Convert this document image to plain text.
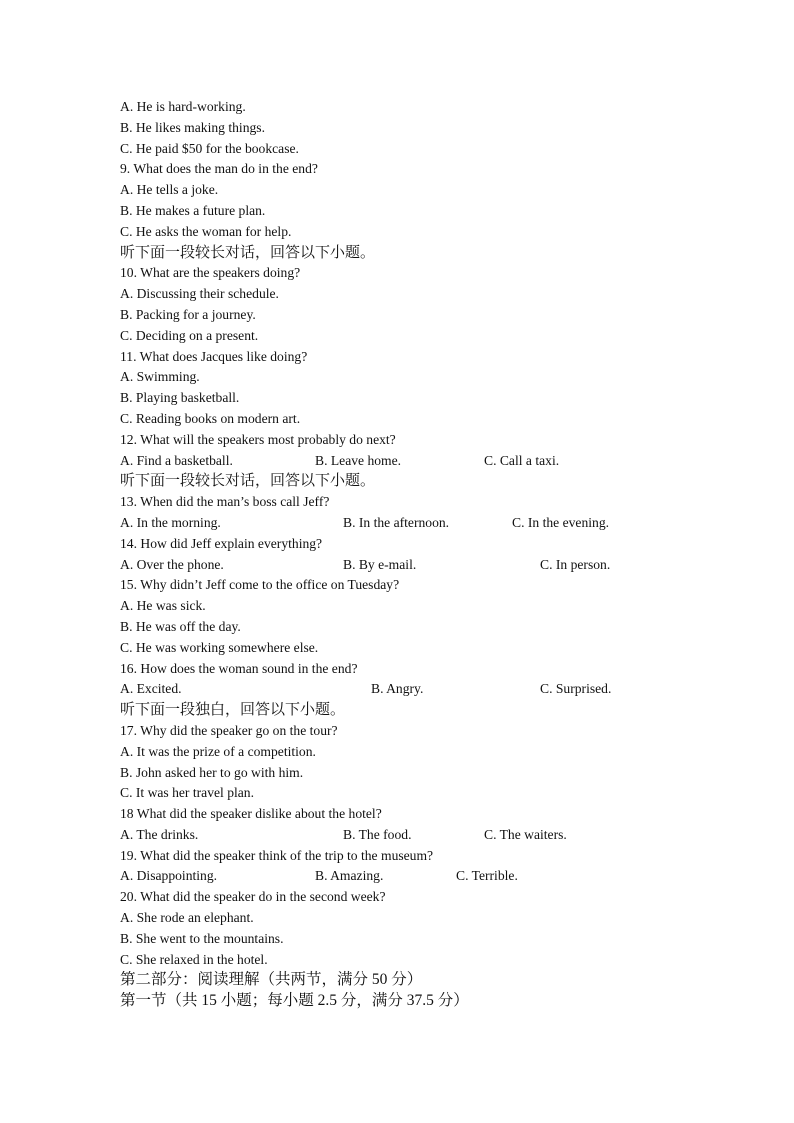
A. He is hard-working.
B. He likes making things.
C. He paid $50 for the bookcase.
9. What does the man do in the end?
A. He tells a joke.
B. He makes a future plan.
C. He asks the woman for help.
听下面一段较长对话，回答以下小题。
10. What are the speakers doing?
A. Discussing their schedule.
B. Packing for a journey.
C. Deciding on a present.
11. What does Jacques like doing?
A. Swimming.
B. Playing basketball.
C. Reading books on modern art.
12. What will the speakers most probably do next?
A. Find a basketball.	B. Leave home.	C. Call a taxi.
听下面一段较长对话，回答以下小题。
13. When did the man’s boss call Jeff?
A. In the morning.	B. In the afternoon.	C. In the evening.
14. How did Jeff explain everything?
A. Over the phone.	B. By e-mail.	C. In person.
15. Why didn’t Jeff come to the office on Tuesday?
A. He was sick.
B. He was off the day.
C. He was working somewhere else.
16. How does the woman sound in the end?
A. Excited.	B. Angry.	C. Surprised.
听下面一段独白，回答以下小题。
17. Why did the speaker go on the tour?
A. It was the prize of a competition.
B. John asked her to go with him.
C. It was her travel plan.
18 What did the speaker dislike about the hotel?
A. The drinks.	B. The food.	C. The waiters.
19. What did the speaker think of the trip to the museum?
A. Disappointing.	B. Amazing.	C. Terrible.
20. What did the speaker do in the second week?
A. She rode an elephant.
B. She went to the mountains.
C. She relaxed in the hotel.
第二部分：阅读理解（共两节，满分 50 分）
第一节（共 15 小题；每小题 2.5 分，满分 37.5 分）
